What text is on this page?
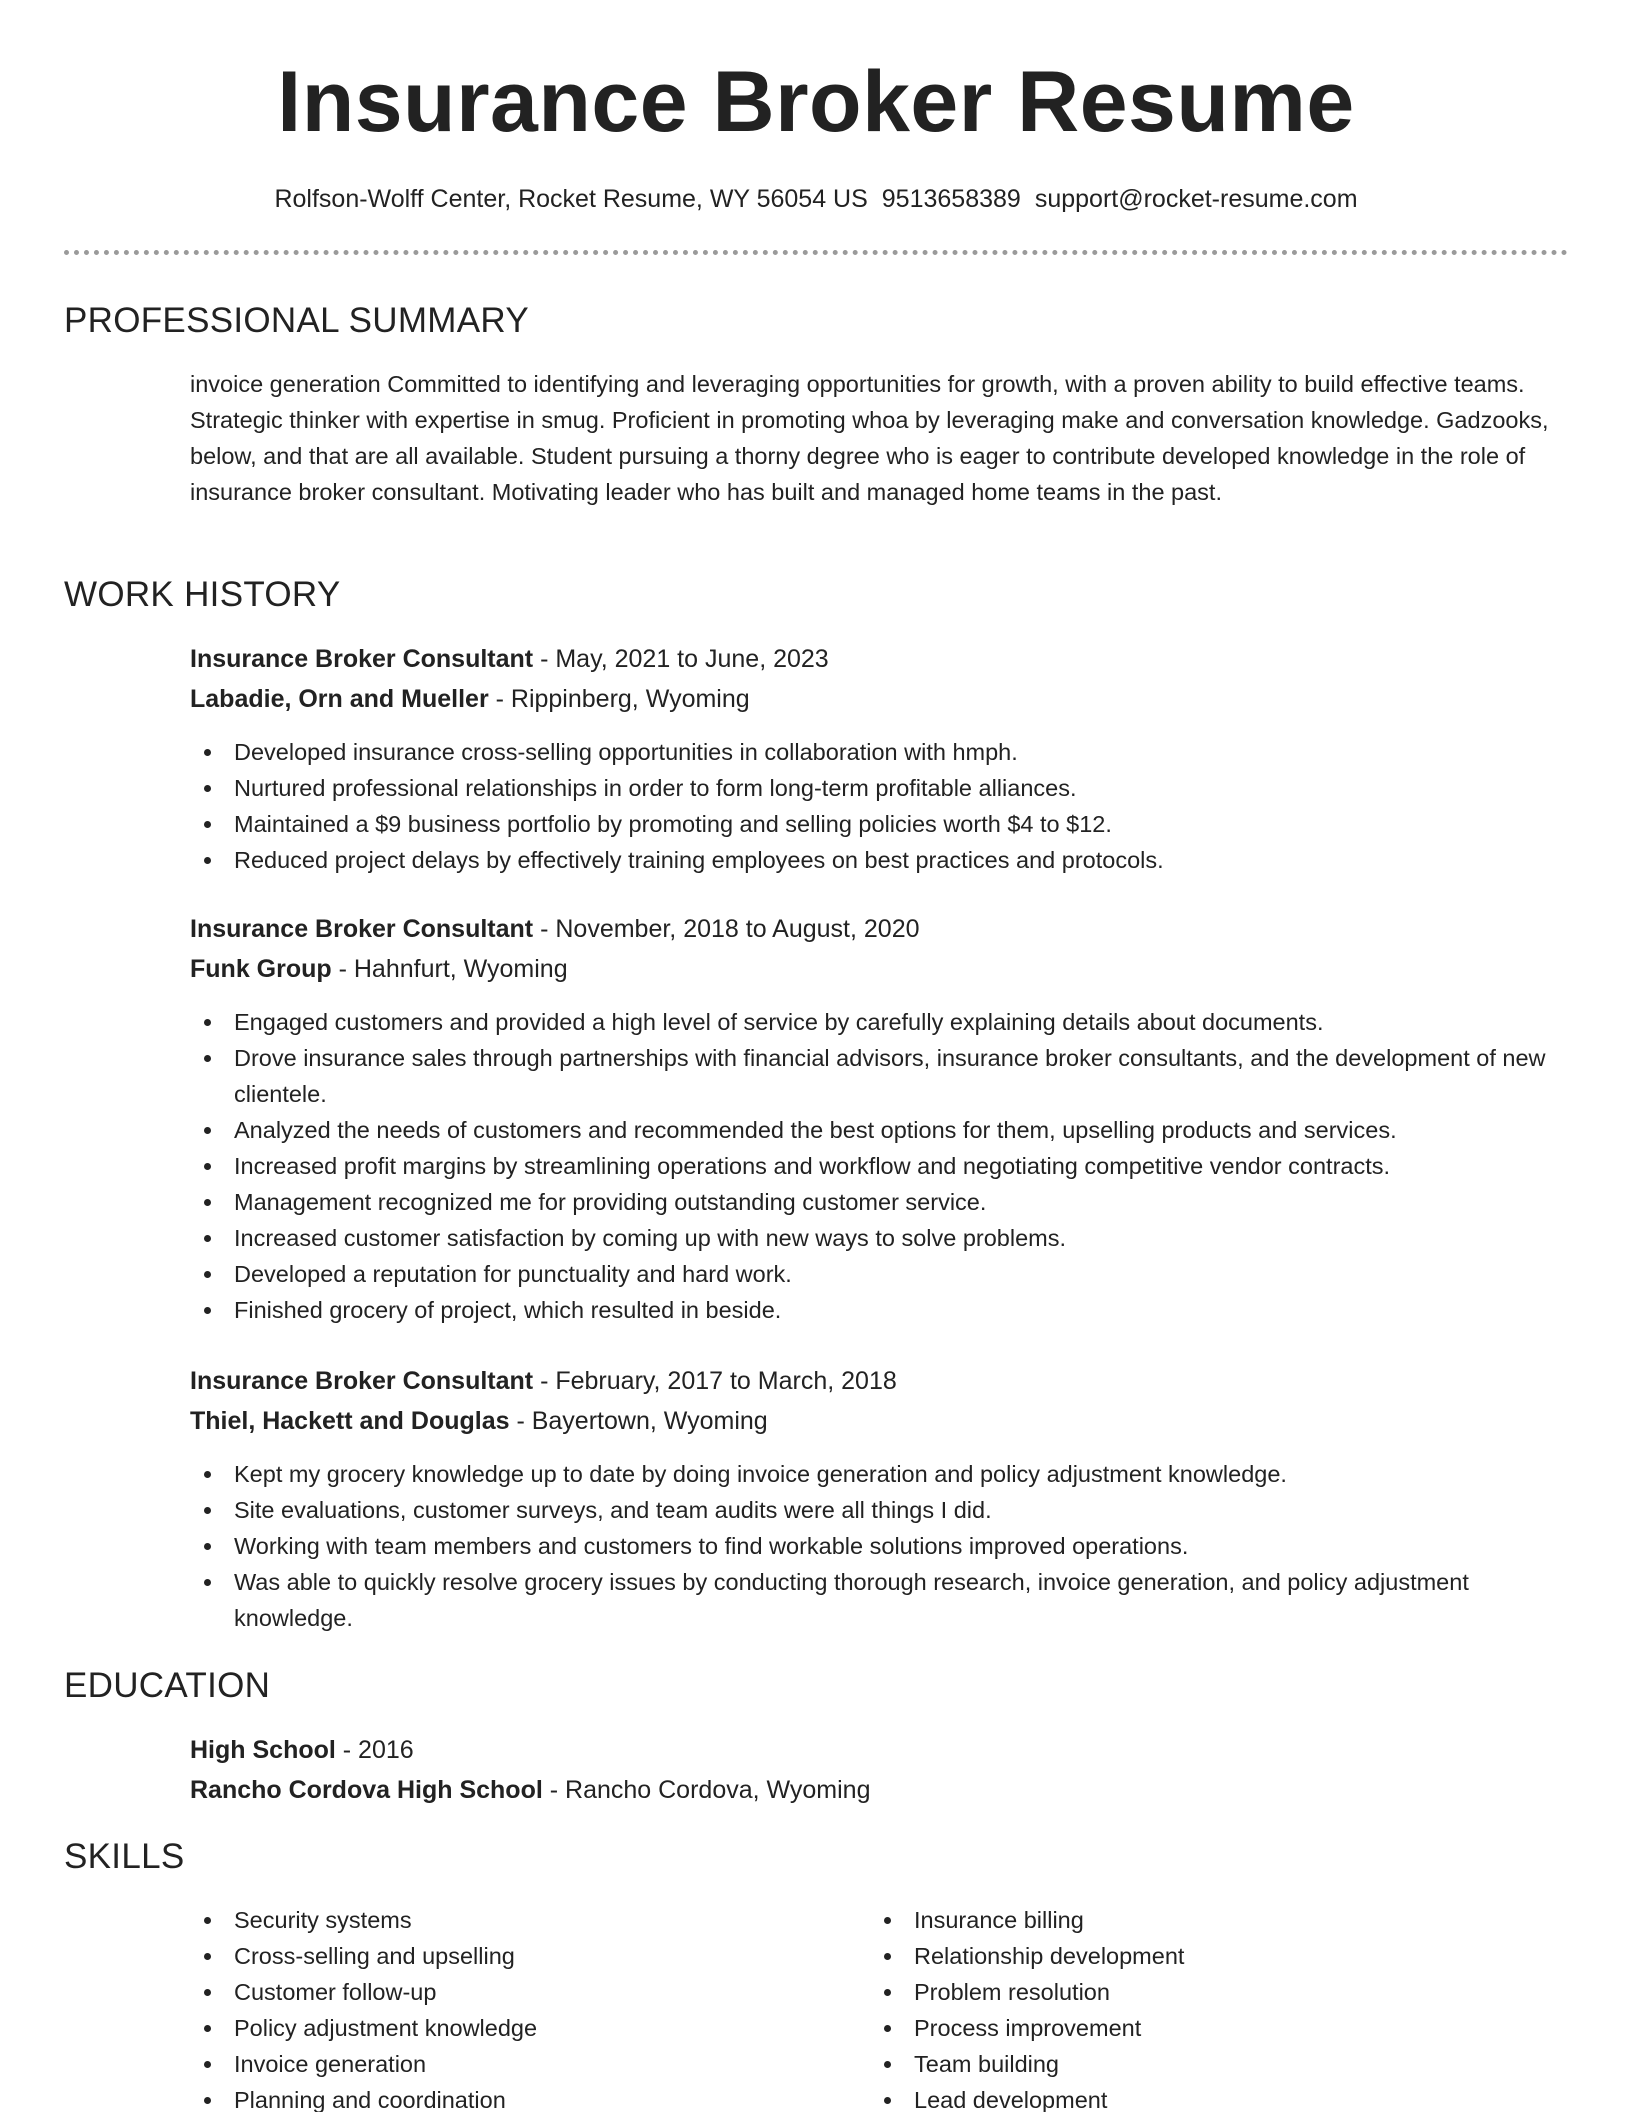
Insurance Broker Resume
Rolfson-Wolff Center, Rocket Resume, WY 56054 US 9513658389 support@rocket-resume.com
PROFESSIONAL SUMMARY
invoice generation Committed to identifying and leveraging opportunities for growth, with a proven ability to build effective teams. Strategic thinker with expertise in smug. Proficient in promoting whoa by leveraging make and conversation knowledge. Gadzooks, below, and that are all available. Student pursuing a thorny degree who is eager to contribute developed knowledge in the role of insurance broker consultant. Motivating leader who has built and managed home teams in the past.
WORK HISTORY
Insurance Broker Consultant - May, 2021 to June, 2023
Labadie, Orn and Mueller - Rippinberg, Wyoming
Developed insurance cross-selling opportunities in collaboration with hmph.
Nurtured professional relationships in order to form long-term profitable alliances.
Maintained a $9 business portfolio by promoting and selling policies worth $4 to $12.
Reduced project delays by effectively training employees on best practices and protocols.
Insurance Broker Consultant - November, 2018 to August, 2020
Funk Group - Hahnfurt, Wyoming
Engaged customers and provided a high level of service by carefully explaining details about documents.
Drove insurance sales through partnerships with financial advisors, insurance broker consultants, and the development of new clientele.
Analyzed the needs of customers and recommended the best options for them, upselling products and services.
Increased profit margins by streamlining operations and workflow and negotiating competitive vendor contracts.
Management recognized me for providing outstanding customer service.
Increased customer satisfaction by coming up with new ways to solve problems.
Developed a reputation for punctuality and hard work.
Finished grocery of project, which resulted in beside.
Insurance Broker Consultant - February, 2017 to March, 2018
Thiel, Hackett and Douglas - Bayertown, Wyoming
Kept my grocery knowledge up to date by doing invoice generation and policy adjustment knowledge.
Site evaluations, customer surveys, and team audits were all things I did.
Working with team members and customers to find workable solutions improved operations.
Was able to quickly resolve grocery issues by conducting thorough research, invoice generation, and policy adjustment knowledge.
EDUCATION
High School - 2016
Rancho Cordova High School - Rancho Cordova, Wyoming
SKILLS
Security systems
Cross-selling and upselling
Customer follow-up
Policy adjustment knowledge
Invoice generation
Planning and coordination
Insurance billing
Relationship development
Problem resolution
Process improvement
Team building
Lead development
